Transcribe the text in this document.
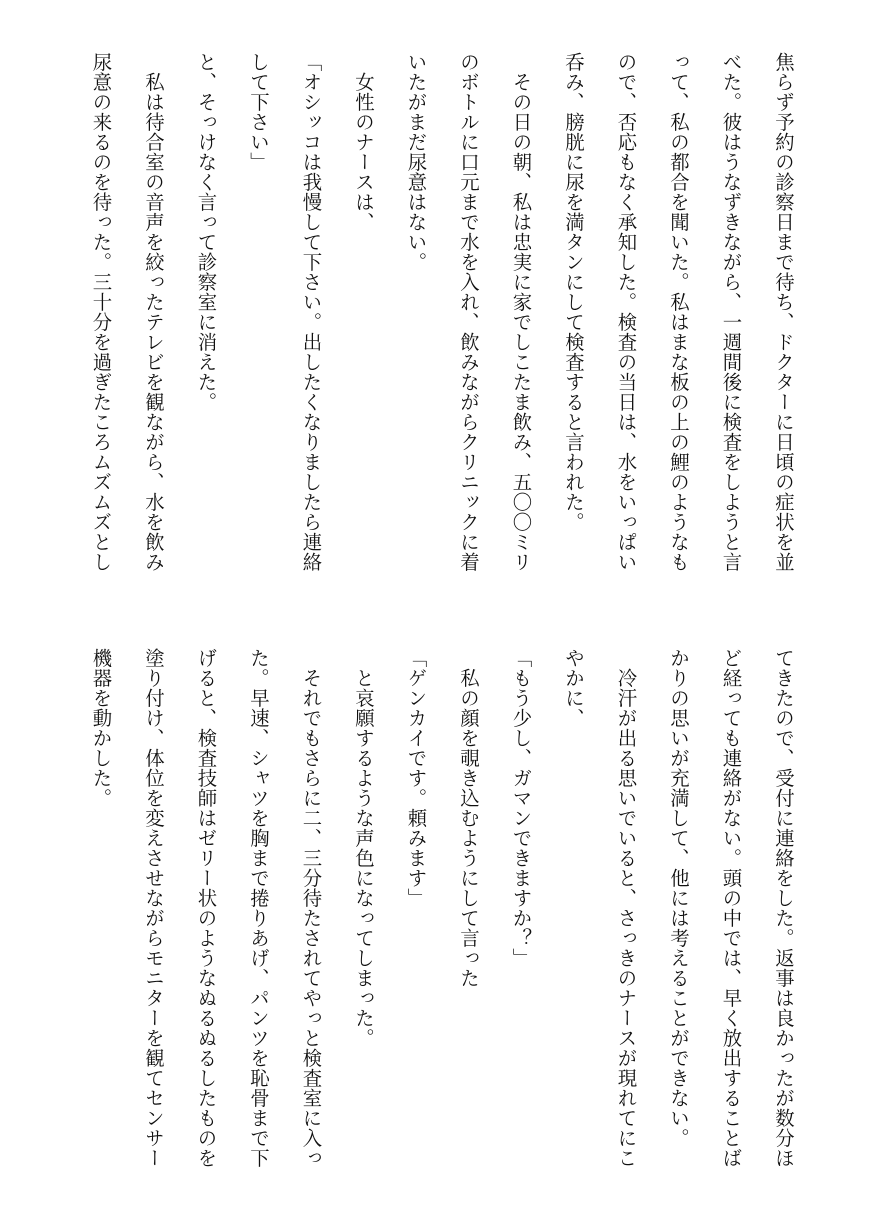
焦らず予約の診察日まで待ち、ドクターに日頃の症状を並
べた。彼はうなずきながら、一週間後に検査をしようと言
って、私の都合を聞いた。私はまな板の上の鯉のようなも
ので、否応もなく承知した。検査の当日は、水をいっぱい
呑み、膀胱に尿を満タンにして検査すると言われた。
　その日の朝、私は忠実に家でしこたま飲み、五〇〇ミリ
のボトルに口元まで水を入れ、飲みながらクリニックに着
いたがまだ尿意はない。
　女性のナースは、
「オシッコは我慢して下さい。出したくなりましたら連絡
して下さい」
と、そっけなく言って診察室に消えた。
　私は待合室の音声を絞ったテレビを観ながら、水を飲み
尿意の来るのを待った。三十分を過ぎたころムズムズとし
てきたので、受付に連絡をした。返事は良かったが数分ほ
ど経っても連絡がない。頭の中では、早く放出することば
かりの思いが充満して、他には考えることができない。
　冷汗が出る思いでいると、さっきのナースが現れてにこ
やかに、
「もう少し、ガマンできますか？」
　私の顔を覗き込むようにして言った
「ゲンカイです。頼みます」
　と哀願するような声色になってしまった。
　それでもさらに二、三分待たされてやっと検査室に入っ
た。早速、シャツを胸まで捲りあげ、パンツを恥骨まで下
げると、検査技師はゼリー状のようなぬるぬるしたものを
塗り付け、体位を変えさせながらモニターを観てセンサー
機器を動かした。
